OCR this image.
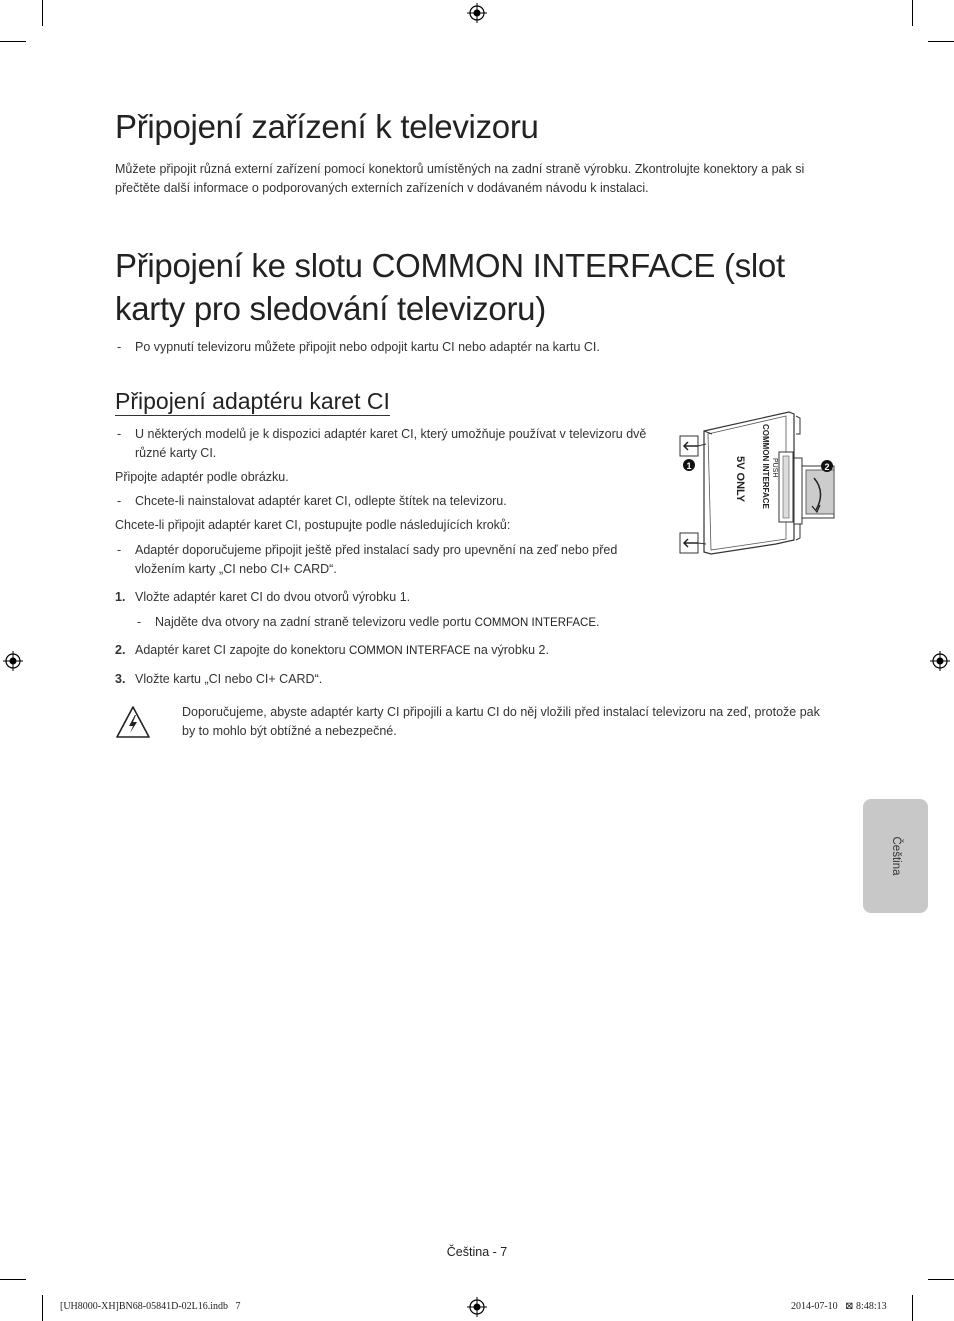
Připojení zařízení k televizoru
Můžete připojit různá externí zařízení pomocí konektorů umístěných na zadní straně výrobku. Zkontrolujte konektory a pak si přečtěte další informace o podporovaných externích zařízeních v dodávaném návodu k instalaci.
Připojení ke slotu COMMON INTERFACE (slot karty pro sledování televizoru)
- Po vypnutí televizoru můžete připojit nebo odpojit kartu CI nebo adaptér na kartu CI.
Připojení adaptéru karet CI
- U některých modelů je k dispozici adaptér karet CI, který umožňuje používat v televizoru dvě různé karty CI.
Připojte adaptér podle obrázku.
- Chcete-li nainstalovat adaptér karet CI, odlepte štítek na televizoru.
Chcete-li připojit adaptér karet CI, postupujte podle následujících kroků:
- Adaptér doporučujeme připojit ještě před instalací sady pro upevnění na zeď nebo před vložením karty „CI nebo CI+ CARD“.
1. Vložte adaptér karet CI do dvou otvorů výrobku 1.
- Najděte dva otvory na zadní straně televizoru vedle portu COMMON INTERFACE.
2. Adaptér karet CI zapojte do konektoru COMMON INTERFACE na výrobku 2.
3. Vložte kartu „CI nebo CI+ CARD“.
Doporučujeme, abyste adaptér karty CI připojili a kartu CI do něj vložili před instalací televizoru na zeď, protože pak by to mohlo být obtížné a nebezpečné.
1	2
COMMON INTERFACE PUSH
5V ONLY
Čeština
Čeština - 7
[UH8000-XH]BN68-05841D-02L16.indb   7	2014-07-10   ⊠ 8:48:13
